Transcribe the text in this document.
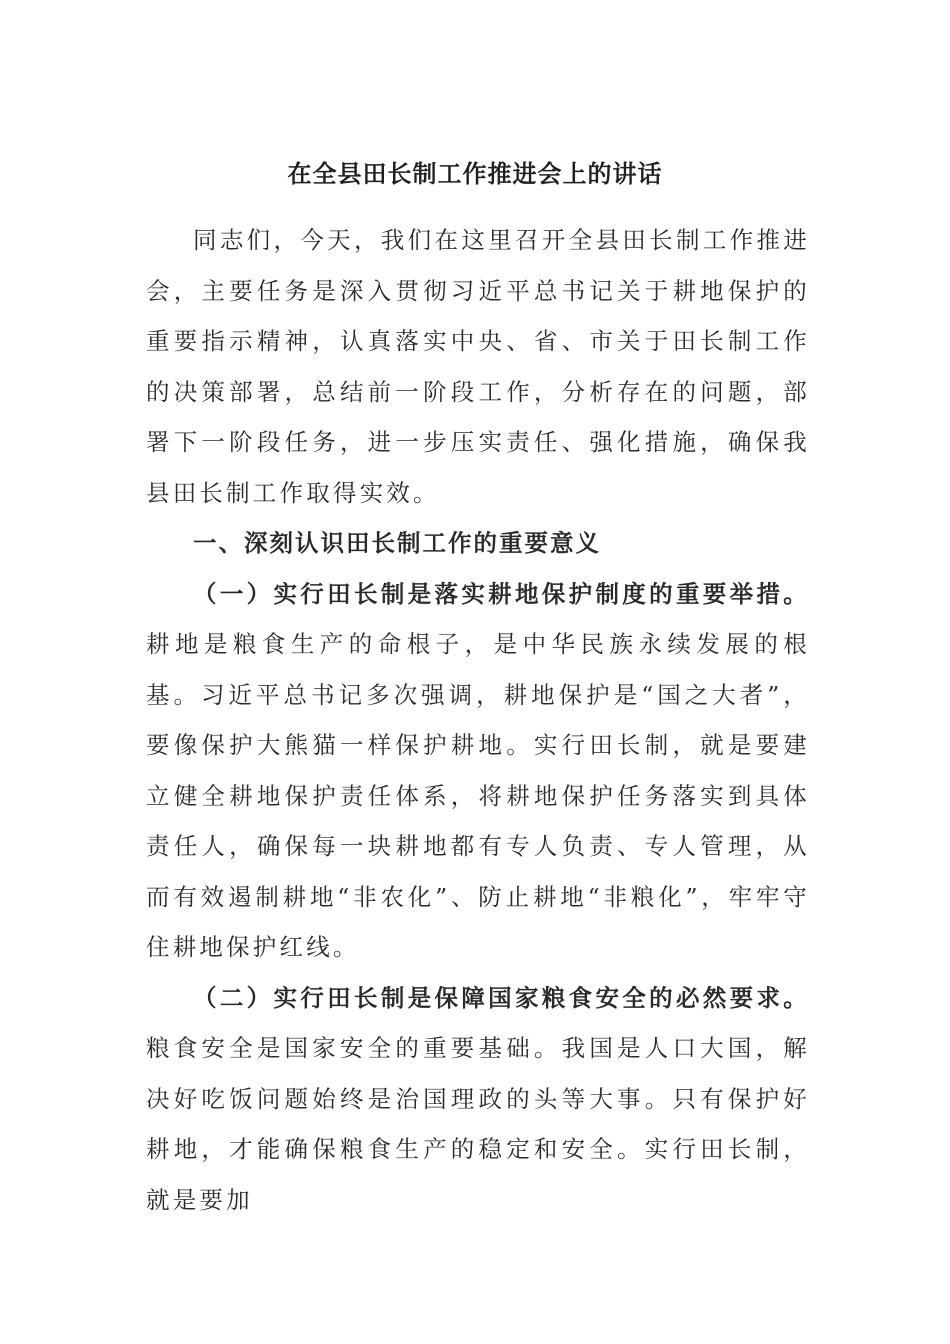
在全县田长制工作推进会上的讲话

同志们，今天，我们在这里召开全县田长制工作推进会，主要任务是深入贯彻习近平总书记关于耕地保护的重要指示精神，认真落实中央、省、市关于田长制工作的决策部署，总结前一阶段工作，分析存在的问题，部署下一阶段任务，进一步压实责任、强化措施，确保我县田长制工作取得实效。

一、深刻认识田长制工作的重要意义

（一）实行田长制是落实耕地保护制度的重要举措。耕地是粮食生产的命根子，是中华民族永续发展的根基。习近平总书记多次强调，耕地保护是“国之大者”，要像保护大熊猫一样保护耕地。实行田长制，就是要建立健全耕地保护责任体系，将耕地保护任务落实到具体责任人，确保每一块耕地都有专人负责、专人管理，从而有效遏制耕地“非农化”、防止耕地“非粮化”，牢牢守住耕地保护红线。

（二）实行田长制是保障国家粮食安全的必然要求。粮食安全是国家安全的重要基础。我国是人口大国，解决好吃饭问题始终是治国理政的头等大事。只有保护好耕地，才能确保粮食生产的稳定和安全。实行田长制，就是要加
